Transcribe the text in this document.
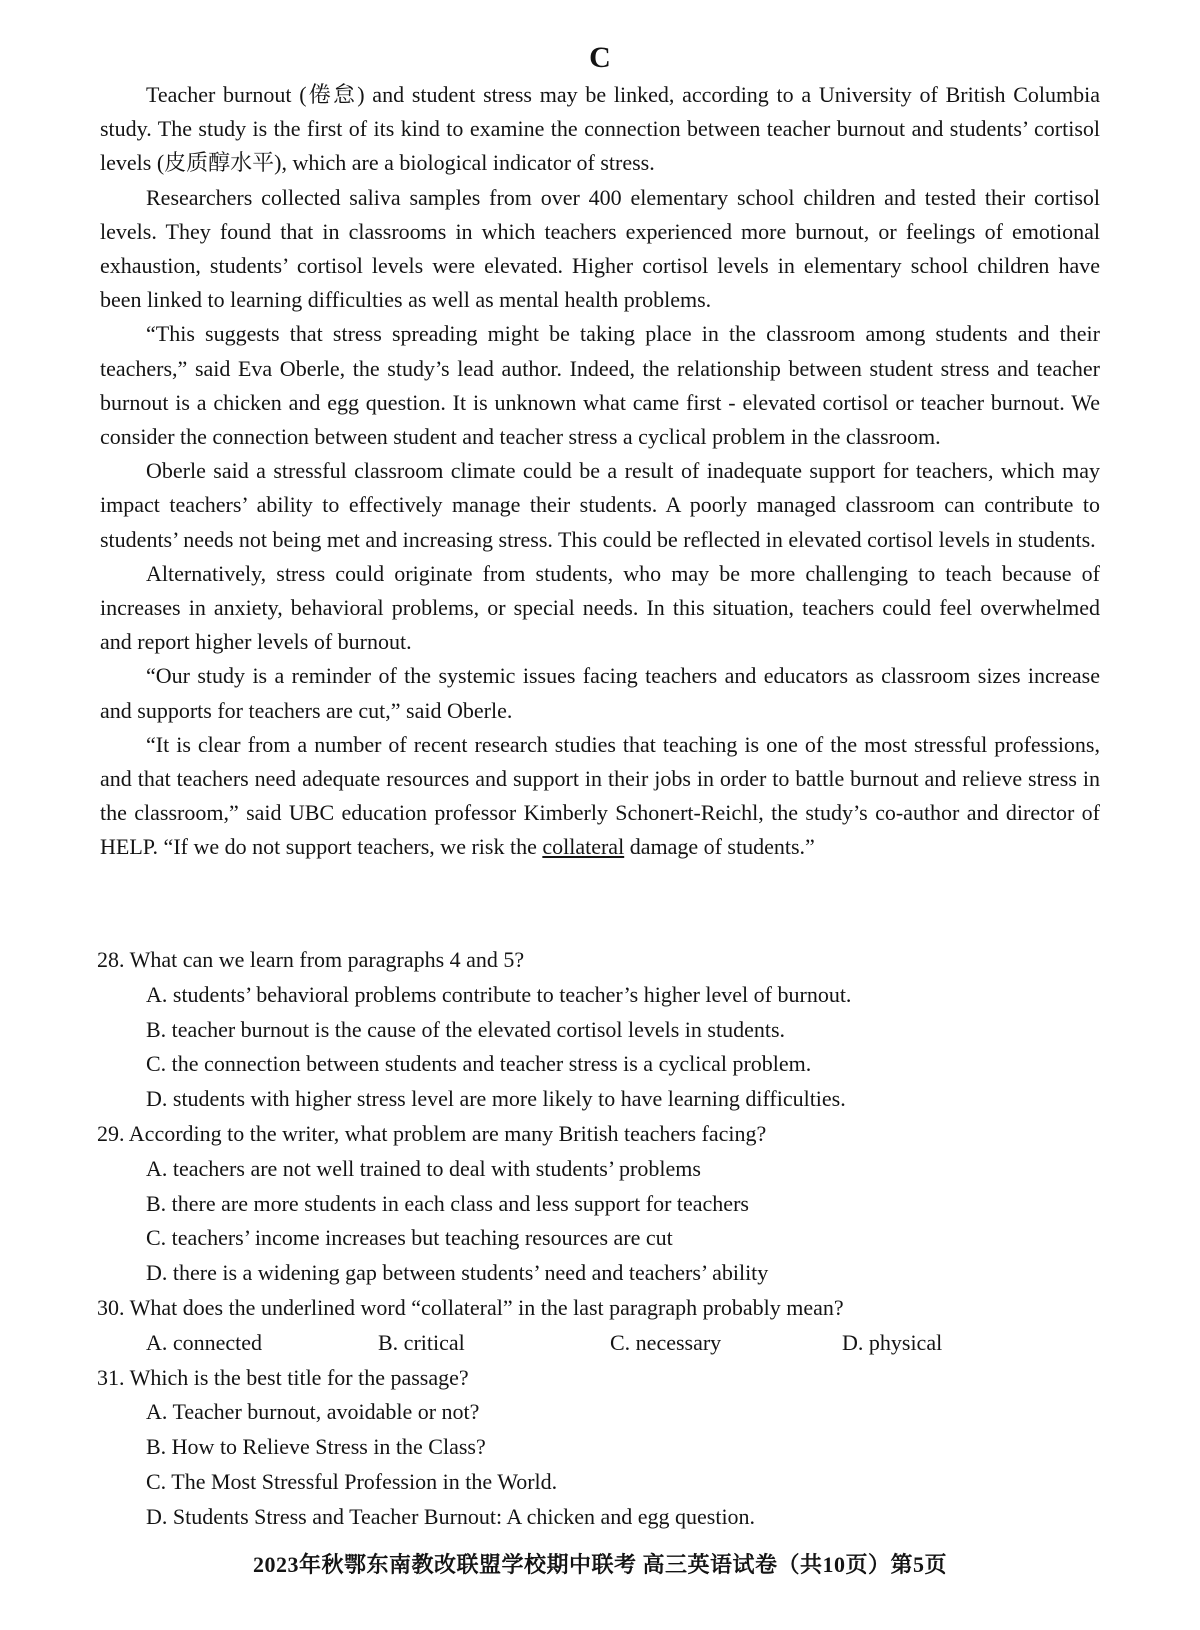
C

Teacher burnout (倦怠) and student stress may be linked, according to a University of British Columbia study. The study is the first of its kind to examine the connection between teacher burnout and students’ cortisol levels (皮质醇水平), which are a biological indicator of stress.

Researchers collected saliva samples from over 400 elementary school children and tested their cortisol levels. They found that in classrooms in which teachers experienced more burnout, or feelings of emotional exhaustion, students’ cortisol levels were elevated. Higher cortisol levels in elementary school children have been linked to learning difficulties as well as mental health problems.

“This suggests that stress spreading might be taking place in the classroom among students and their teachers,” said Eva Oberle, the study’s lead author. Indeed, the relationship between student stress and teacher burnout is a chicken and egg question. It is unknown what came first - elevated cortisol or teacher burnout. We consider the connection between student and teacher stress a cyclical problem in the classroom.

Oberle said a stressful classroom climate could be a result of inadequate support for teachers, which may impact teachers’ ability to effectively manage their students. A poorly managed classroom can contribute to students’ needs not being met and increasing stress. This could be reflected in elevated cortisol levels in students.

Alternatively, stress could originate from students, who may be more challenging to teach because of increases in anxiety, behavioral problems, or special needs. In this situation, teachers could feel overwhelmed and report higher levels of burnout.

“Our study is a reminder of the systemic issues facing teachers and educators as classroom sizes increase and supports for teachers are cut,” said Oberle.

“It is clear from a number of recent research studies that teaching is one of the most stressful professions, and that teachers need adequate resources and support in their jobs in order to battle burnout and relieve stress in the classroom,” said UBC education professor Kimberly Schonert-Reichl, the study’s co-author and director of HELP. “If we do not support teachers, we risk the collateral damage of students.”

28. What can we learn from paragraphs 4 and 5?

A. students’ behavioral problems contribute to teacher’s higher level of burnout.

B. teacher burnout is the cause of the elevated cortisol levels in students.

C. the connection between students and teacher stress is a cyclical problem.

D. students with higher stress level are more likely to have learning difficulties.

29. According to the writer, what problem are many British teachers facing?

A. teachers are not well trained to deal with students’ problems

B. there are more students in each class and less support for teachers

C. teachers’ income increases but teaching resources are cut

D. there is a widening gap between students’ need and teachers’ ability

30. What does the underlined word “collateral” in the last paragraph probably mean?

A. connected	B. critical	C. necessary	D. physical

31. Which is the best title for the passage?

A. Teacher burnout, avoidable or not?

B. How to Relieve Stress in the Class?

C. The Most Stressful Profession in the World.

D. Students Stress and Teacher Burnout: A chicken and egg question.

2023年秋鄂东南教改联盟学校期中联考 高三英语试卷（共10页）第5页
